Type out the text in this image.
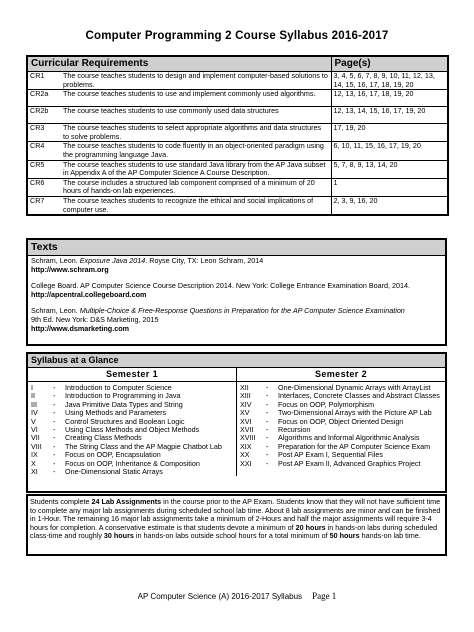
Computer Programming 2 Course Syllabus 2016-2017
Curricular Requirements		Page(s)
CR1	The course teaches students to design and implement computer-based solutions to problems.	3, 4, 5, 6, 7, 8, 9, 10, 11, 12, 13, 14, 15, 16, 17, 18, 19, 20
CR2a	The course teaches students to use and implement commonly used algorithms.	12, 13, 16, 17, 18, 19, 20
CR2b	The course teaches students to use commonly used data structures	12, 13, 14, 15, 16, 17, 19, 20
CR3	The course teaches students to select appropriate algorithms and data structures to solve problems.	17, 19, 20
CR4	The course teaches students to code fluently in an object-oriented paradigm using the programming language Java.	6, 10, 11, 15, 16, 17, 19, 20
CR5	The course teaches students to use standard Java library from the AP Java subset in Appendix A of the AP Computer Science A Course Description.	5, 7, 8, 9, 13, 14, 20
CR6	The course includes a structured lab component comprised of a minimum of 20 hours of hands-on lab experiences.	1
CR7	The course teaches students to recognize the ethical and social implications of computer use.	2, 3, 9, 16, 20
Texts

Schram, Leon. Exposure Java 2014. Royse City, TX: Leon Schram, 2014
http://www.schram.org

College Board. AP Computer Science Course Description 2014. New York: College Entrance Examination Board, 2014.
http://apcentral.collegeboard.com

Schram, Leon. Multiple-Choice & Free-Response Questions in Preparation for the AP Computer Science Examination
9th Ed. New York: D&S Marketing, 2015
http://www.dsmarketing.com

Syllabus at a Glance
Semester 1	Semester 2
I	-	Introduction to Computer Science
II	-	Introduction to Programming in Java
III	-	Java Primitive Data Types and String
IV	-	Using Methods and Parameters
V	-	Control Structures and Boolean Logic
VI	-	Using Class Methods and Object Methods
VII	-	Creating Class Methods
VIII	-	The String Class and the AP Magpie Chatbot Lab
IX	-	Focus on OOP, Encapsulation
X	-	Focus on OOP, Inheritance & Composition
XI	-	One-Dimensional Static Arrays
XII	-	One-Dimensional Dynamic Arrays with ArrayList
XIII	-	Interfaces, Concrete Classes and Abstract Classes
XIV	-	Focus on OOP, Polymorphism
XV	-	Two-Dimensional Arrays with the Picture AP Lab
XVI	-	Focus on OOP, Object Oriented Design
XVII	-	Recursion
XVIII	-	Algorithms and Informal Algorithmic Analysis
XIX	-	Preparation for the AP Computer Science Exam
XX	-	Post AP Exam I, Sequential Files
XXI	-	Post AP Exam II, Advanced Graphics Project
Students complete 24 Lab Assignments in the course prior to the AP Exam. Students know that they will not have sufficient time to complete any major lab assignments during scheduled school lab time. About 8 lab assignments are minor and can be finished in 1-Hour. The remaining 16 major lab assignments take a minimum of 2-Hours and half the major assignments will require 3-4 hours for completion. A conservative estimate is that students devote a minimum of 20 hours in hands-on labs during scheduled class-time and roughly 30 hours in hands-on labs outside school hours for a total minimum of 50 hours hands-on lab time.
AP Computer Science (A) 2016-2017 Syllabus Page 1
